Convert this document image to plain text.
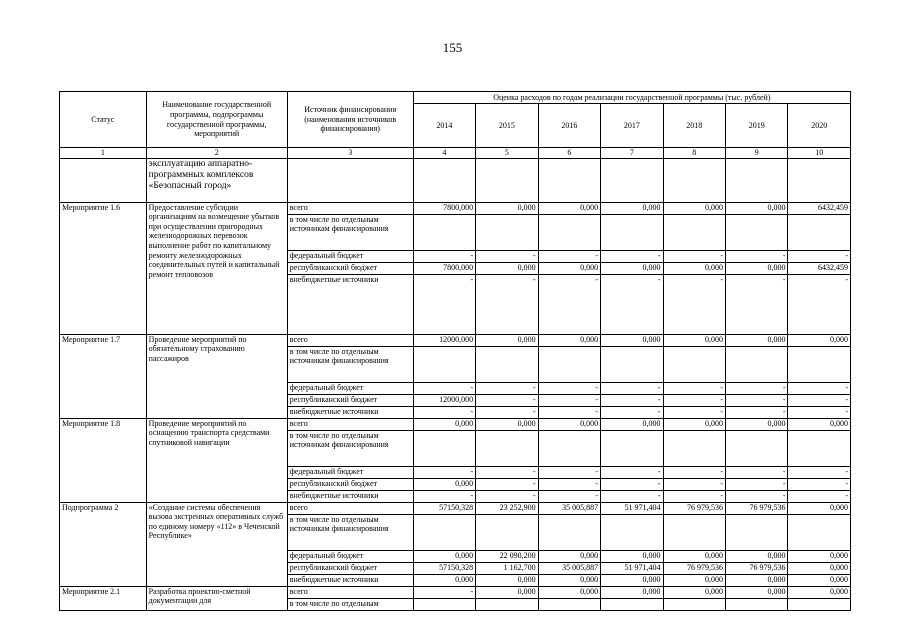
155
Статус	Наименование государственной программы, подпрограммы государственной программы, мероприятий	Источник финансирования (наименования источников финансирования)	Оценка расходов по годам реализации государственной программы (тыс. рублей)						
			2014	2015	2016	2017	2018	2019	2020
1	2	3	4	5	6	7	8	9	10
	эксплуатацию аппаратно-программных комплексов «Безопасный город»								
Мероприятие 1.6	Предоставление субсидии организациям на возмещение убытков при осуществлении пригородных железнодорожных перевозок выполнение работ по капитальному ремонту железнодорожных соединительных путей и капитальный ремонт тепловозов	всего	7800,000	0,000	0,000	0,000	0,000	0,000	6432,459
		в том числе по отдельным источникам финансирования							
		федеральный бюджет	-	-	-	-	-	-	-
		республиканский бюджет	7800,000	0,000	0,000	0,000	0,000	0,000	6432,459
		внебюджетные источники	-	-	-	-	-	-	-
Мероприятие 1.7	Проведение мероприятий по обязательному страхованию пассажиров	всего	12000,000	0,000	0,000	0,000	0,000	0,000	0,000
		в том числе по отдельным источникам финансирования							
		федеральный бюджет	-	-	-	-	-	-	-
		республиканский бюджет	12000,000	-	-	-	-	-	-
		внебюджетные источники	-	-	-	-	-	-	-
Мероприятие 1.8	Проведение мероприятий по оснащению транспорта средствами спутниковой навигации	всего	0,000	0,000	0,000	0,000	0,000	0,000	0,000
		в том числе по отдельным источникам финансирования							
		федеральный бюджет	-	-	-	-	-	-	-
		республиканский бюджет	0,000	-	-	-	-	-	-
		внебюджетные источники	-	-	-	-	-	-	-
Подпрограмма 2	«Создание системы обеспечения вызова экстренных оперативных служб по единому номеру «112» в Чеченской Республике»	всего	57150,328	23 252,900	35 005,887	51 971,404	76 979,536	76 979,536	0,000
		в том числе по отдельным источникам финансирования							
		федеральный бюджет	0,000	22 090,200	0,000	0,000	0,000	0,000	0,000
		республиканский бюджет	57150,328	1 162,700	35 005,887	51 971,404	76 979,536	76 979,536	0,000
		внебюджетные источники	0,000	0,000	0,000	0,000	0,000	0,000	0,000
Мероприятие 2.1	Разработка проектно-сметной документации для	всего	-	0,000	0,000	0,000	0,000	0,000	0,000
		в том числе по отдельным							
